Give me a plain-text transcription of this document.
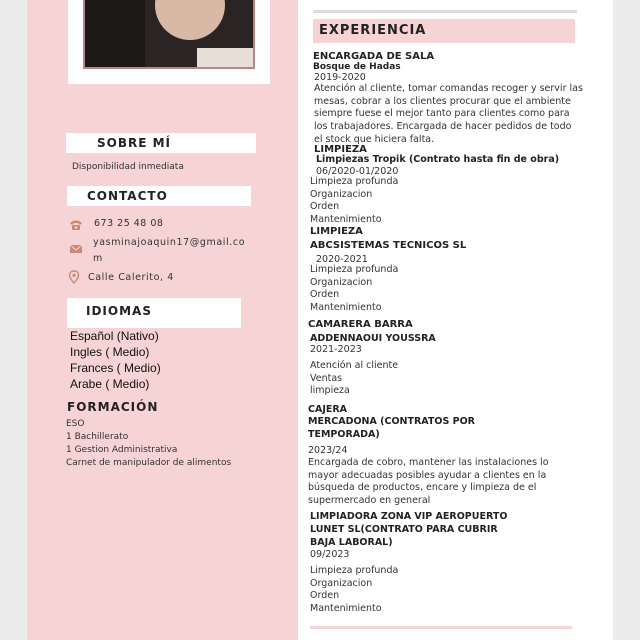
SOBRE MÍ
Disponibilidad inmediata
CONTACTO
673 25 48 08
yasminajoaquin17@gmail.co
m
Calle Calerito, 4
IDIOMAS
Español (Nativo)
Ingles ( Medio)
Frances ( Medio)
Arabe ( Medio)
FORMACIÓN
ESO
1 Bachillerato
1 Gestion Administrativa
Carnet de manipulador de alimentos
EXPERIENCIA
ENCARGADA DE SALA
Bosque de Hadas
2019-2020
Atención al cliente, tomar comandas recoger y servir las
mesas, cobrar a los clientes procurar que el ambiente
siempre fuese el mejor tanto para clientes como para
los trabajadores. Encargada de hacer pedidos de todo
el stock que hiciera falta.
LIMPIEZA
Limpiezas Tropik (Contrato hasta fin de obra)
06/2020-01/2020
Limpieza profunda
Organizacion
Orden
Mantenimiento
LIMPIEZA
ABCSISTEMAS TECNICOS SL
2020-2021
Limpieza profunda
Organizacion
Orden
Mantenimiento
CAMARERA BARRA
ADDENNAOUI YOUSSRA
2021-2023
Atención al cliente
Ventas
limpieza
CAJERA
MERCADONA (CONTRATOS POR
TEMPORADA)
2023/24
Encargada de cobro, mantener las instalaciones lo
mayor adecuadas posibles ayudar a clientes en la
búsqueda de productos, encare y limpieza de el
supermercado en general
LIMPIADORA ZONA VIP AEROPUERTO
LUNET SL(CONTRATO PARA CUBRIR
BAJA LABORAL)
09/2023
Limpieza profunda
Organizacion
Orden
Mantenimiento
